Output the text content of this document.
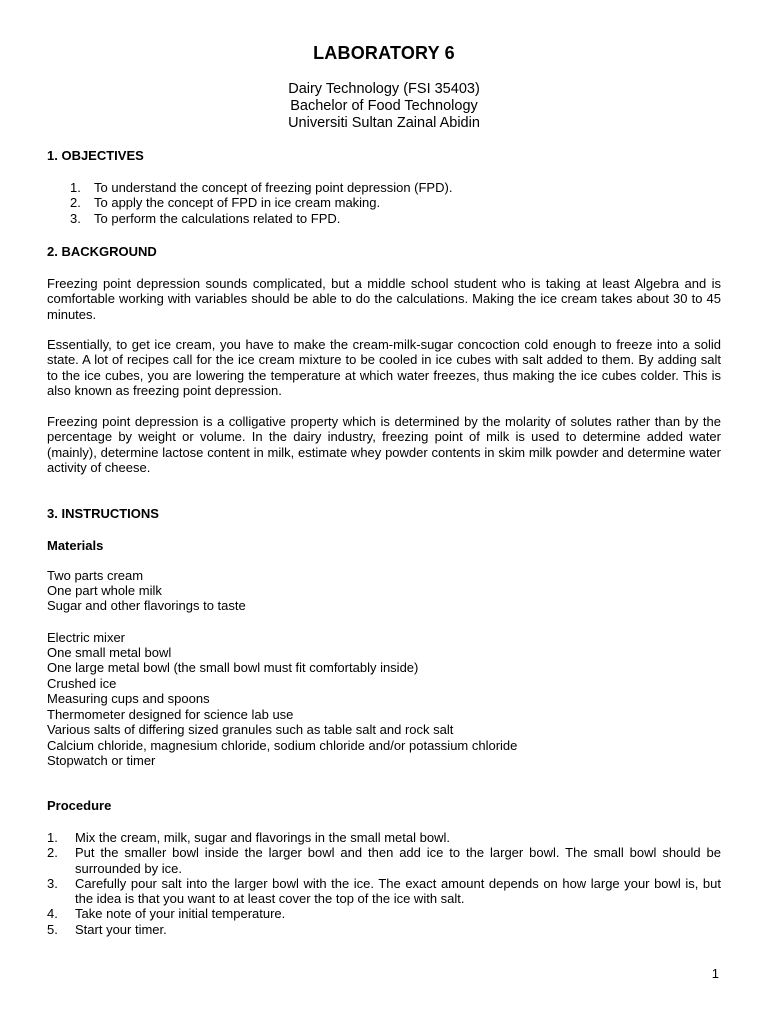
LABORATORY 6
Dairy Technology (FSI 35403)
Bachelor of Food Technology
Universiti Sultan Zainal Abidin
1. OBJECTIVES
1. To understand the concept of freezing point depression (FPD).

2. To apply the concept of FPD in ice cream making.

3. To perform the calculations related to FPD.

2. BACKGROUND
Freezing point depression sounds complicated, but a middle school student who is taking at least Algebra and is comfortable working with variables should be able to do the calculations. Making the ice cream takes about 30 to 45 minutes.
Essentially, to get ice cream, you have to make the cream-milk-sugar concoction cold enough to freeze into a solid state. A lot of recipes call for the ice cream mixture to be cooled in ice cubes with salt added to them. By adding salt to the ice cubes, you are lowering the temperature at which water freezes, thus making the ice cubes colder. This is also known as freezing point depression.
Freezing point depression is a colligative property which is determined by the molarity of solutes rather than by the percentage by weight or volume. In the dairy industry, freezing point of milk is used to determine added water (mainly), determine lactose content in milk, estimate whey powder contents in skim milk powder and determine water activity of cheese.
3. INSTRUCTIONS
Materials
Two parts cream
One part whole milk
Sugar and other flavorings to taste
Electric mixer
One small metal bowl
One large metal bowl (the small bowl must fit comfortably inside)
Crushed ice
Measuring cups and spoons
Thermometer designed for science lab use
Various salts of differing sized granules such as table salt and rock salt
Calcium chloride, magnesium chloride, sodium chloride and/or potassium chloride
Stopwatch or timer
Procedure
1. Mix the cream, milk, sugar and flavorings in the small metal bowl.
2. Put the smaller bowl inside the larger bowl and then add ice to the larger bowl. The small bowl should be surrounded by ice.
3. Carefully pour salt into the larger bowl with the ice. The exact amount depends on how large your bowl is, but the idea is that you want to at least cover the top of the ice with salt.
4. Take note of your initial temperature.
5. Start your timer.
1
